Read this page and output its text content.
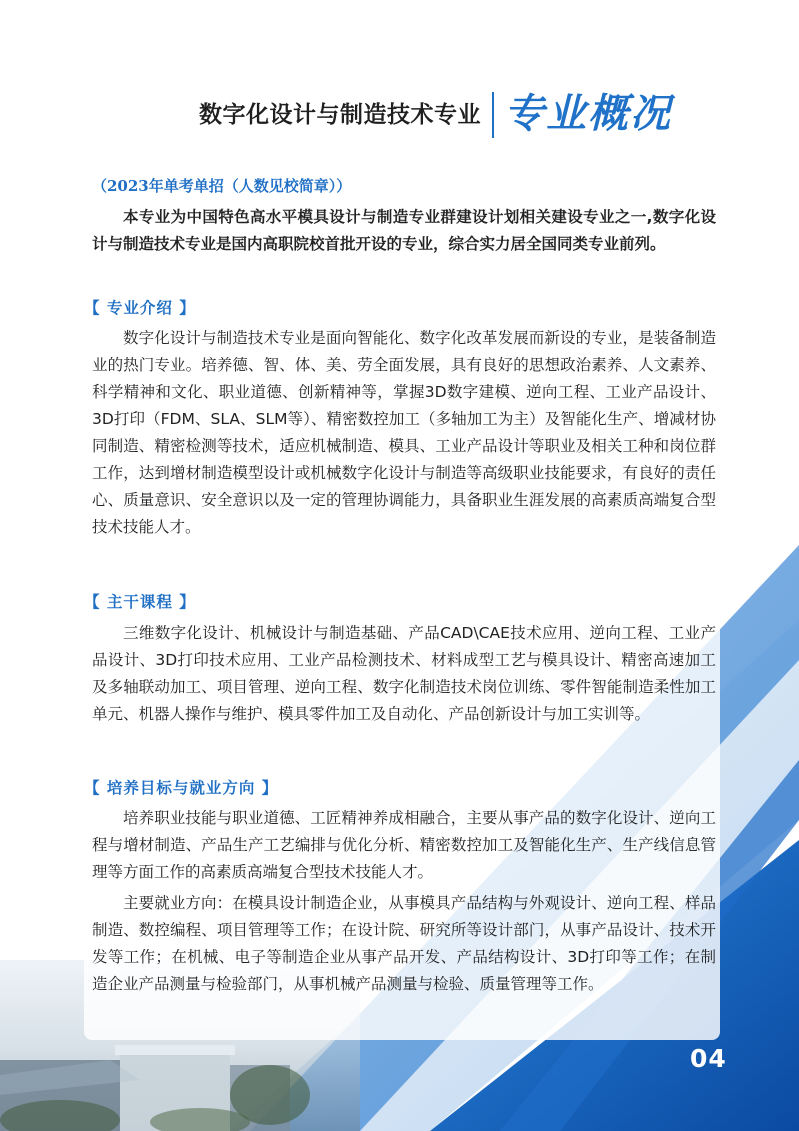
数字化设计与制造技术专业 专业概况
（2023年单考单招（人数见校简章））

本专业为中国特色高水平模具设计与制造专业群建设计划相关建设专业之一,数字化设计与制造技术专业是国内高职院校首批开设的专业，综合实力居全国同类专业前列。

【 专业介绍 】

数字化设计与制造技术专业是面向智能化、数字化改革发展而新设的专业，是装备制造业的热门专业。培养德、智、体、美、劳全面发展，具有良好的思想政治素养、人文素养、科学精神和文化、职业道德、创新精神等，掌握3D数字建模、逆向工程、工业产品设计、3D打印（FDM、SLA、SLM等）、精密数控加工（多轴加工为主）及智能化生产、增减材协同制造、精密检测等技术，适应机械制造、模具、工业产品设计等职业及相关工种和岗位群工作，达到增材制造模型设计或机械数字化设计与制造等高级职业技能要求，有良好的责任心、质量意识、安全意识以及一定的管理协调能力，具备职业生涯发展的高素质高端复合型技术技能人才。

【 主干课程 】

三维数字化设计、机械设计与制造基础、产品CAD\CAE技术应用、逆向工程、工业产品设计、3D打印技术应用、工业产品检测技术、材料成型工艺与模具设计、精密高速加工及多轴联动加工、项目管理、逆向工程、数字化制造技术岗位训练、零件智能制造柔性加工单元、机器人操作与维护、模具零件加工及自动化、产品创新设计与加工实训等。

【 培养目标与就业方向 】

培养职业技能与职业道德、工匠精神养成相融合，主要从事产品的数字化设计、逆向工程与增材制造、产品生产工艺编排与优化分析、精密数控加工及智能化生产、生产线信息管理等方面工作的高素质高端复合型技术技能人才。

主要就业方向：在模具设计制造企业，从事模具产品结构与外观设计、逆向工程、样品制造、数控编程、项目管理等工作；在设计院、研究所等设计部门，从事产品设计、技术开发等工作；在机械、电子等制造企业从事产品开发、产品结构设计、3D打印等工作；在制造企业产品测量与检验部门，从事机械产品测量与检验、质量管理等工作。

04
